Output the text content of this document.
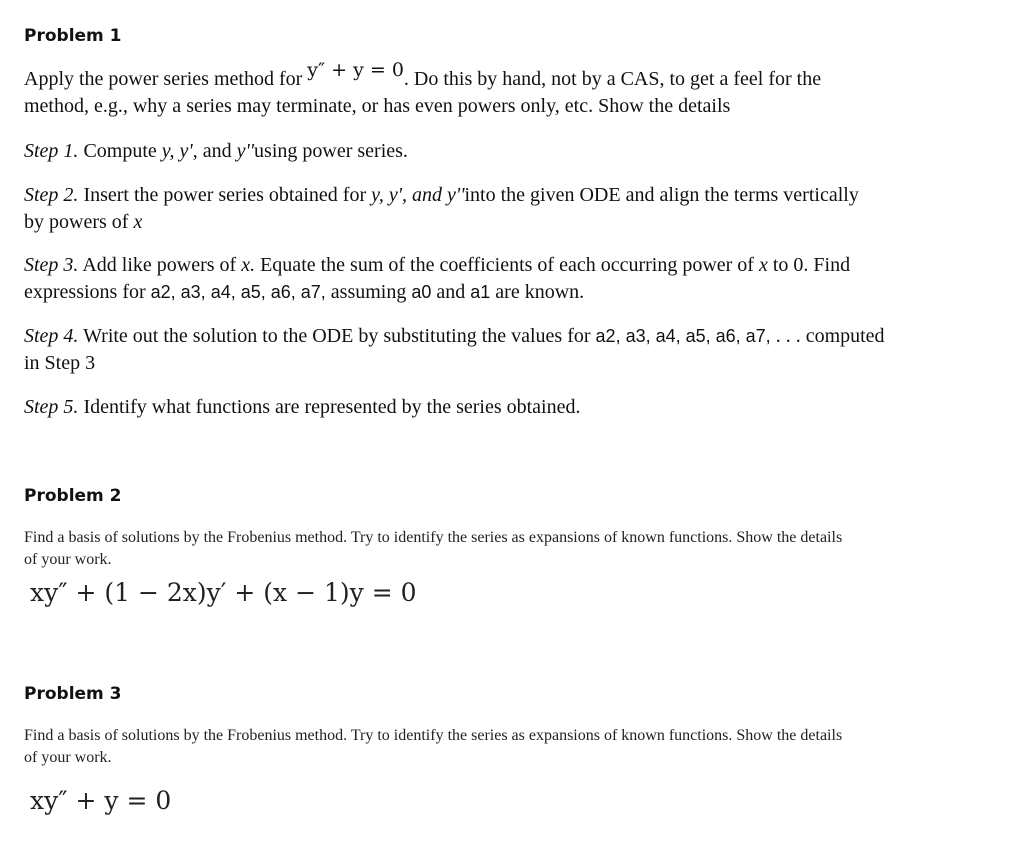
Problem 1
Apply the power series method for y″ + y = 0. Do this by hand, not by a CAS, to get a feel for the
method, e.g., why a series may terminate, or has even powers only, etc. Show the details
Step 1. Compute y, y', and y''using power series.
Step 2. Insert the power series obtained for y, y', and y''into the given ODE and align the terms vertically
by powers of x
Step 3. Add like powers of x. Equate the sum of the coefficients of each occurring power of x to 0. Find
expressions for a2, a3, a4, a5, a6, a7, assuming a0 and a1 are known.
Step 4. Write out the solution to the ODE by substituting the values for a2, a3, a4, a5, a6, a7, . . . computed
in Step 3
Step 5. Identify what functions are represented by the series obtained.
Problem 2
Find a basis of solutions by the Frobenius method. Try to identify the series as expansions of known functions. Show the details
of your work.
xy″ + (1 − 2x)y′ + (x − 1)y = 0
Problem 3
Find a basis of solutions by the Frobenius method. Try to identify the series as expansions of known functions. Show the details
of your work.
xy″ + y = 0
